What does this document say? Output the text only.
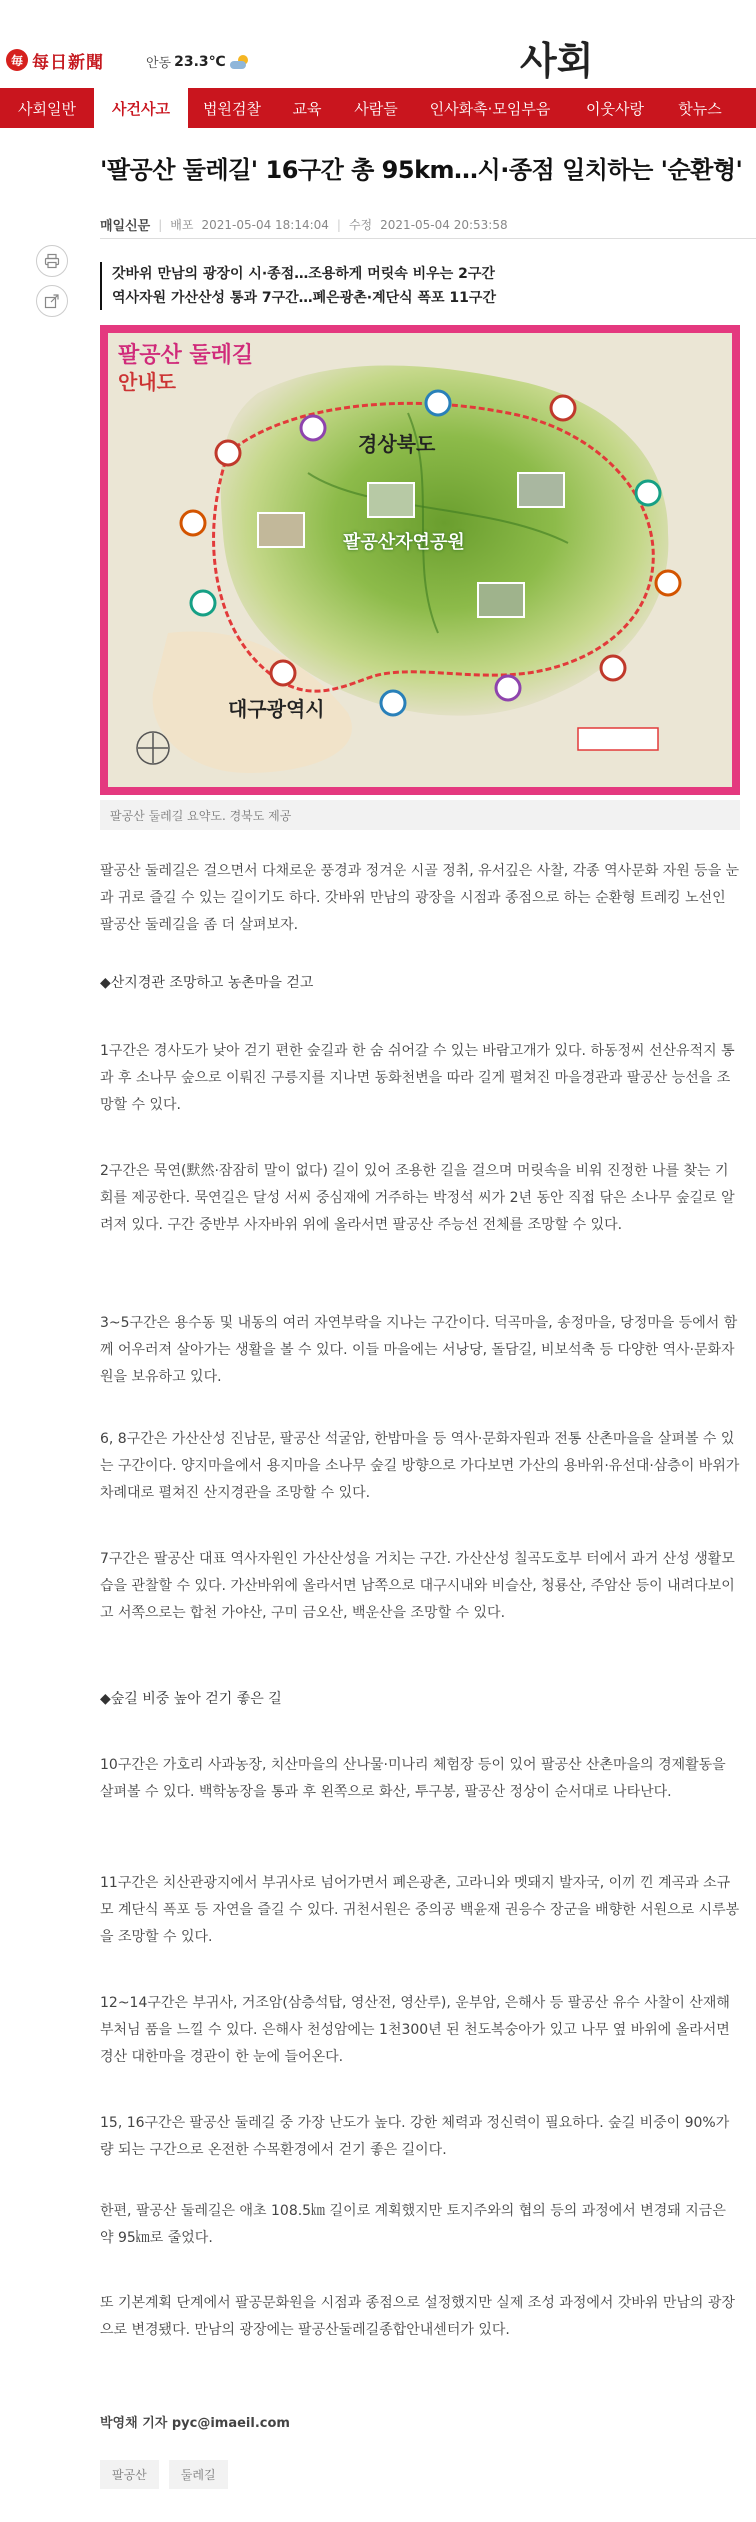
毎 每日新聞	안동 23.3℃	사회
사회일반	사건사고	법원검찰	교육	사람들	인사화촉·모임부음	이웃사랑	핫뉴스
'팔공산 둘레길' 16구간 총 95km…시·종점 일치하는 '순환형'
매일신문 | 배포 2021-05-04 18:14:04 | 수정 2021-05-04 20:53:58
갓바위 만남의 광장이 시·종점…조용하게 머릿속 비우는 2구간
역사자원 가산산성 통과 7구간…폐은광촌·계단식 폭포 11구간
팔공산 둘레길
안내도
경상북도
팔공산자연공원
대구광역시
팔공산 둘레길 요약도. 경북도 제공

팔공산 둘레길은 걸으면서 다채로운 풍경과 정겨운 시골 정취, 유서깊은 사찰, 각종 역사문화 자원 등을 눈과 귀로 즐길 수 있는 길이기도 하다. 갓바위 만남의 광장을 시점과 종점으로 하는 순환형 트레킹 노선인 팔공산 둘레길을 좀 더 살펴보자.

◆산지경관 조망하고 농촌마을 걷고

1구간은 경사도가 낮아 걷기 편한 숲길과 한 숨 쉬어갈 수 있는 바람고개가 있다. 하동정씨 선산유적지 통과 후 소나무 숲으로 이뤄진 구릉지를 지나면 동화천변을 따라 길게 펼쳐진 마을경관과 팔공산 능선을 조망할 수 있다.

2구간은 묵연(默然·잠잠히 말이 없다) 길이 있어 조용한 길을 걸으며 머릿속을 비워 진정한 나를 찾는 기회를 제공한다. 묵연길은 달성 서씨 중심재에 거주하는 박정석 씨가 2년 동안 직접 닦은 소나무 숲길로 알려져 있다. 구간 중반부 사자바위 위에 올라서면 팔공산 주능선 전체를 조망할 수 있다.

3~5구간은 용수동 및 내동의 여러 자연부락을 지나는 구간이다. 덕곡마을, 송정마을, 당정마을 등에서 함께 어우러져 살아가는 생활을 볼 수 있다. 이들 마을에는 서낭당, 돌담길, 비보석축 등 다양한 역사·문화자원을 보유하고 있다.

6, 8구간은 가산산성 진남문, 팔공산 석굴암, 한밤마을 등 역사·문화자원과 전통 산촌마을을 살펴볼 수 있는 구간이다. 양지마을에서 용지마을 소나무 숲길 방향으로 가다보면 가산의 용바위·유선대·삼층이 바위가 차례대로 펼쳐진 산지경관을 조망할 수 있다.

7구간은 팔공산 대표 역사자원인 가산산성을 거치는 구간. 가산산성 칠곡도호부 터에서 과거 산성 생활모습을 관찰할 수 있다. 가산바위에 올라서면 남쪽으로 대구시내와 비슬산, 청룡산, 주암산 등이 내려다보이고 서쪽으로는 합천 가야산, 구미 금오산, 백운산을 조망할 수 있다.

◆숲길 비중 높아 걷기 좋은 길

10구간은 가호리 사과농장, 치산마을의 산나물·미나리 체험장 등이 있어 팔공산 산촌마을의 경제활동을 살펴볼 수 있다. 백학농장을 통과 후 왼쪽으로 화산, 투구봉, 팔공산 정상이 순서대로 나타난다.

11구간은 치산관광지에서 부귀사로 넘어가면서 폐은광촌, 고라니와 멧돼지 발자국, 이끼 낀 계곡과 소규모 계단식 폭포 등 자연을 즐길 수 있다. 귀천서원은 중의공 백윤재 권응수 장군을 배향한 서원으로 시루봉을 조망할 수 있다.

12~14구간은 부귀사, 거조암(삼층석탑, 영산전, 영산루), 운부암, 은해사 등 팔공산 유수 사찰이 산재해 부처님 품을 느낄 수 있다. 은해사 천성암에는 1천300년 된 천도복숭아가 있고 나무 옆 바위에 올라서면 경산 대한마을 경관이 한 눈에 들어온다.

15, 16구간은 팔공산 둘레길 중 가장 난도가 높다. 강한 체력과 정신력이 필요하다. 숲길 비중이 90%가량 되는 구간으로 온전한 수목환경에서 걷기 좋은 길이다.

한편, 팔공산 둘레길은 애초 108.5㎞ 길이로 계획했지만 토지주와의 협의 등의 과정에서 변경돼 지금은 약 95㎞로 줄었다.

또 기본계획 단계에서 팔공문화원을 시점과 종점으로 설정했지만 실제 조성 과정에서 갓바위 만남의 광장으로 변경됐다. 만남의 광장에는 팔공산둘레길종합안내센터가 있다.

박영채 기자 pyc@imaeil.com
팔공산	둘레길
